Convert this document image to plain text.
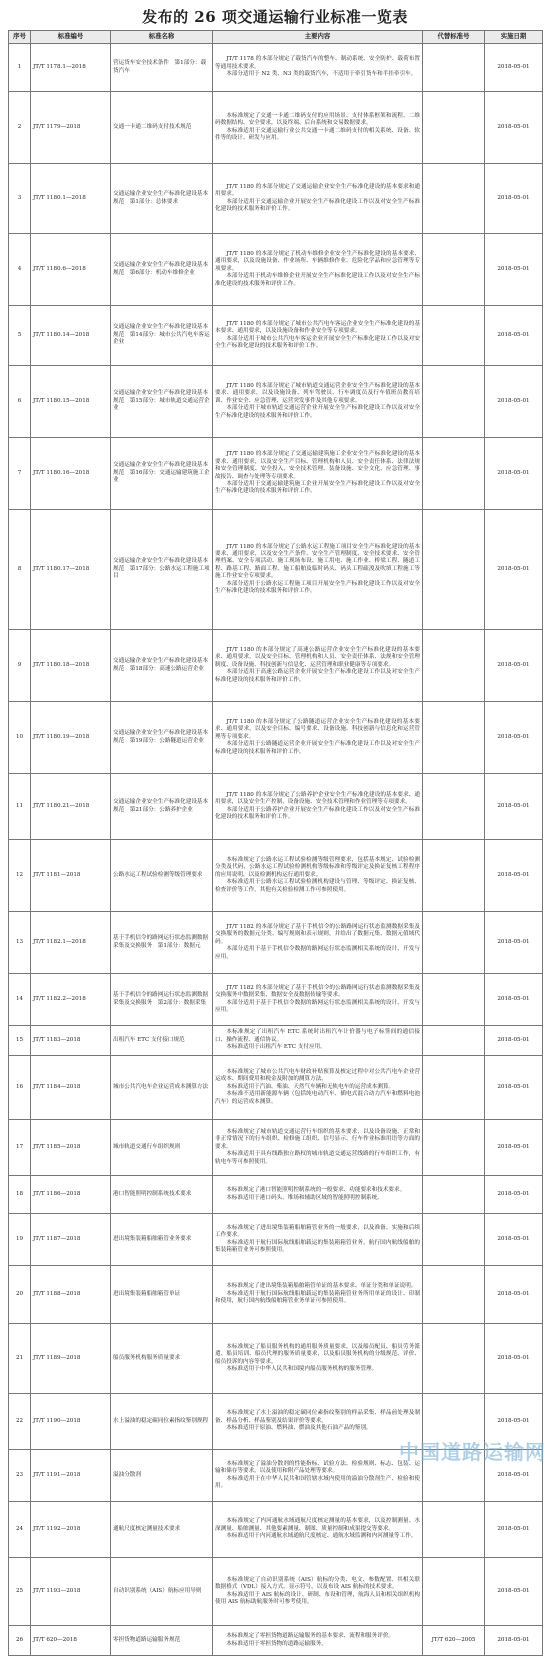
发布的 26 项交通运输行业标准一览表
序号	标准编号	标准名称	主要内容	代替标准号	实施日期
1	JT/T 1178.1—2018	营运货车安全技术条件　第1部分：载货汽车	JT/T 1178 的本部分规定了载货汽车的整车、制动系统、安全防护、载荷布置等通用技术要求。

本部分适用于 N2 类、N3 类的载货汽车，不适用于牵引货车和半挂牵引车。		2018-05-01
2	JT/T 1179—2018	交通一卡通二维码支付技术规范	本标准规定了交通一卡通二维码支付的应用场景、支付体系框架和流程、二维码数据结构、安全要求，以及终端、后台系统和交易数据要求。

本标准适用于交通运输行业公共交通一卡通二维码支付的相关系统、设备、软件等的设计、研发与应用。		2018-05-01
3	JT/T 1180.1—2018	交通运输企业安全生产标准化建设基本规范　第1部分：总体要求	JT/T 1180 的本部分规定了交通运输企业安全生产标准化建设的基本要求和通用要求。

本部分适用于交通运输企业开展安全生产标准化建设工作以及对安全生产标准化建设的技术服务和评价工作。		2018-05-01
4	JT/T 1180.6—2018	交通运输企业安全生产标准化建设基本规范　第6部分：机动车维修企业	JT/T 1180 的本部分规定了机动车维修企业安全生产标准化建设的基本要求、通用要求，以及设施设备、作业场所、车辆维修作业、危险化学品和应急管理等专项要求。

本部分适用于机动车维修企业开展安全生产标准化建设工作以及对安全生产标准化建设的技术服务和评价工作。		2018-05-01
5	JT/T 1180.14—2018	交通运输企业安全生产标准化建设基本规范　第14部分：城市公共汽电车客运企业	JT/T 1180 的本部分规定了城市公共汽电车客运企业安全生产标准化建设的基本要求、通用要求，以及设施设备和作业安全等专项要求。

本部分适用于城市公共汽电车客运企业开展安全生产标准化建设工作以及对安全生产标准化建设的技术服务和评价工作。		2018-05-01
6	JT/T 1180.15—2018	交通运输企业安全生产标准化建设基本规范　第15部分：城市轨道交通运营企业	JT/T 1180 的本部分规定了城市轨道交通运营企业安全生产标准化建设的基本要求、通用要求，以及设施设备、列车驾驶员、行车调度员及行车值班员教育培训、作业安全、应急管理、运营突发事件及其他专项要求。

本部分适用于城市轨道交通运营企业开展安全生产标准化建设工作以及对安全生产标准化建设的技术服务和评价工作。		2018-05-01
7	JT/T 1180.16—2018	交通运输企业安全生产标准化建设基本规范　第16部分：交通运输建筑施工企业	JT/T 1180 的本部分规定了交通运输建筑施工企业安全生产标准化建设的基本要求、通用要求，以及安全生产目标、管理机构和人员、安全责任体系、法律法规和安全管理制度、安全投入、安全技术管理、装备设施、安全文化、应急管理、事故报告、调查与处理等专项要求。

本部分适用于交通运输建筑施工企业开展安全生产标准化建设工作以及对安全生产标准化建设的技术服务和评价工作。		2018-05-01
8	JT/T 1180.17—2018	交通运输企业安全生产标准化建设基本规范　第17部分：公路水运工程施工项目	JT/T 1180 的本部分规定了公路水运工程施工项目安全生产标准化建设的基本要求、通用要求，以及安全生产条件、安全生产管理制度、安全技术要求、安全管理档案、安全专项活动、施工现场布设、施工用电、施工作业、桥梁工程、隧道工程、路基工程、路面工程、施工船舶及临时码头、码头工程疏浚及吹填工程施工等施工作业安全专项要求。

本部分适用于公路水运工程施工项目开展安全生产标准化建设工作以及对安全生产标准化建设的技术服务和评价工作。		2018-05-01
9	JT/T 1180.18—2018	交通运输企业安全生产标准化建设基本规范　第18部分：高速公路运营企业	JT/T 1180 的本部分规定了高速公路运营企业安全生产标准化建设的基本要求、通用要求，以及安全目标、管理机构和人员、安全责任体系、法规和安全管理制度、设备设施、科技创新与信息化、运营管理和职业健康等专项要求。

本部分适用于高速公路运营企业开展安全生产标准化建设工作以及对安全生产标准化建设的技术服务和评价工作。		2018-05-01
10	JT/T 1180.19—2018	交通运输企业安全生产标准化建设基本规范　第19部分：公路隧道运营企业	JT/T 1180 的本部分规定了公路隧道运营企业安全生产标准化建设的基本要求、通用要求，以及安全目标、编号要求、设备设施、科技创新与信息化和运营管理等专项要求。

本部分适用于公路隧道运营企业开展安全生产标准化建设工作以及对安全生产标准化建设的技术服务和评价工作。		2018-05-01
11	JT/T 1180.21—2018	交通运输企业安全生产标准化建设基本规范　第21部分：公路养护企业	JT/T 1180 的本部分规定了公路养护企业安全生产标准化建设的基本要求、通用要求，以及安全生产控制、设备设施、安全技术管理和作业管理等专项要求。

本部分适用于公路养护企业开展安全生产标准化建设工作以及对安全生产标准化建设的技术服务和评价工作。		2018-05-01
12	JT/T 1181—2018	公路水运工程试验检测等级管理要求	本标准规定了公路水运工程试验检测等级管理要求，包括基本规定、试验检测分类及代码、公路水运工程试验检测机构等级标准和等级评定及换证复核工程程序的应用说明，以及检测机构运行通用要求。

本标准适用于公路水运工程试验检测机构建设与管理、等级评定、换证复核、检查评价等工作，其他有关检验检测工作可参照使用。		2018-05-01
13	JT/T 1182.1—2018	基于手机信令的路网运行状态监测数据采集及交换服务　第1部分：数据元	JT/T 1182 的本部分规定了基于手机信令的公路路网运行状态监测数据采集及交换服务的数据元分类、编写规则和表示规则，并给出了数据元集、数据元值域代码。

本部分适用于基于手机信令数据的路网运行状态监测相关系统的设计、开发与应用。		2018-05-01
14	JT/T 1182.2—2018	基于手机信令的路网运行状态监测数据采集及交换服务　第2部分：数据采集	JT/T 1182 的本部分规定了基于手机信令的公路路网运行状态监测数据采集及交换服务中数据采集、数据安全及数据传输等要求。

本部分适用于基于手机信令数据的路网运行状态监测相关系统的设计、开发与应用。		2018-05-01
15	JT/T 1183—2018	出租汽车 ETC 支付接口规范	本标准规定了出租汽车 ETC 系统时出租汽车计价器与电子标签间的通信接口、操作流程、通信协议。

本标准适用于出租汽车 ETC 支付应用。		2018-05-01
16	JT/T 1184—2018	城市公共汽电车企业运营成本测算方法	本标准规定了城市公共汽电车财政补贴预算及核定过程中对公共汽电车企业营运成本、期间费用和税金及附加的测算方法。

本标准适用于汽油、柴油、天然气车辆和无轨电车的运营成本测算。

本标准不适用新能源车辆（包括纯电动汽车、插电式混合动力汽车和燃料电池汽车）的运营成本测算。		2018-05-01
17	JT/T 1185—2018	城市轨道交通行车组织规则	本标准规定了城市轨道交通运营行车组织的基本要求，以及设备设施、正常和非正常情况下的行车组织、检修施工组织、信号显示、行车作业标准用语等方面的要求。

本标准适用于具有线路独立路权的城市轨道交通运营线路的行车组织工作，有轨电车等可参照使用。		2018-05-01
18	JT/T 1186—2018	港口智能照明控制系统技术要求	本标准规定了港口智能照明控制系统的一般要求、功能要求和技术要求。

本标准适用于港口码头、堆场和辅助区域的智能照明控制系统。		2018-05-01
19	JT/T 1187—2018	进出境集装箱船舶箱管业务要求	本标准规定了进出境集装箱船舶箱管业务的一般要求，以及准备、实施和后续工作要求。

本标准适用于航行国际航线船舶载运的集装箱箱管业务，航行国内航线船舶的集装箱箱管业务可参照使用。		2018-05-01
20	JT/T 1188—2018	进出境集装箱船舶箱管单证	本标准规定了进出境集装箱船舶箱管单证的基本要求、单证分类和单证说明。

本标准适用于航行国际航线船舶载运的集装箱箱管业务所用单证的设计、印制和使用，航行国内航线船舶箱管业务单证可参照使用。		2018-05-01
21	JT/T 1189—2018	船员服务机构服务质量要求	本标准规定了船员服务机构的通用服务质量要求，以及船员配员、船员劳务派遣、船员培训、船员代理的服务质量要求，以及船员服务机构的分级规范、评价、船员投诉的内容等要求。

本标准适用于中华人民共和国境内船员服务机构的服务管理。		2018-05-01
22	JT/T 1190—2018	水上溢油的稳定碳同位素指纹鉴别规程	本标准规定了水上溢油的稳定碳同位素指纹鉴别的样品采集、样品前处理及制备、样品分析、样品鉴别及结果评价等要求。

本标准适用于原油、燃料油、燃油及其他石油产品的鉴别。		2018-05-01
23	JT/T 1191—2018	溢油分散剂	本标准规定了溢油分散剂的性能指标、试验方法、检验规则、标志、包装、运输和储存等要求，以及使用和附产品处理等要求。

本标准适用于在中华人民共和国管辖水域内使用的溢油分散剂生产、检验和使用。		2018-05-01
24	JT/T 1192—2018	通航尺度核定测量技术要求	本标准规定了内河通航水域通航尺度核定测量的基本要求，以及控制测量、水深测量、船舶测量、其他要素测量、制图、质量控制和成果提交等要求。

本标准适用于内河通航水域通航尺度核定、通航水域监测和内河测量等工作。		2018-05-01
25	JT/T 1193—2018	自动识别系统（AIS）航标应用导则	本标准规定了自动识别系统（AIS）航标的分类、电文、参数配置、其相关联数据格式（VDL）接入方式、显示符号，以及布设 AIS 航标的技术要求。

本标准适用于 AIS 航标的设计、研制、布设和管理，航海人员和相关组织机构使用 AIS 航标助航服务时可参考使用。		2018-05-01
26	JT/T 620—2018	零担货物道路运输服务规范	本标准规定了零担货物道路运输服务的基本要求、流程和服务评价。

本标准适用于零担货物的道路运输服务。	JT/T 620—2005	2018-05-01
中国道路运输网
